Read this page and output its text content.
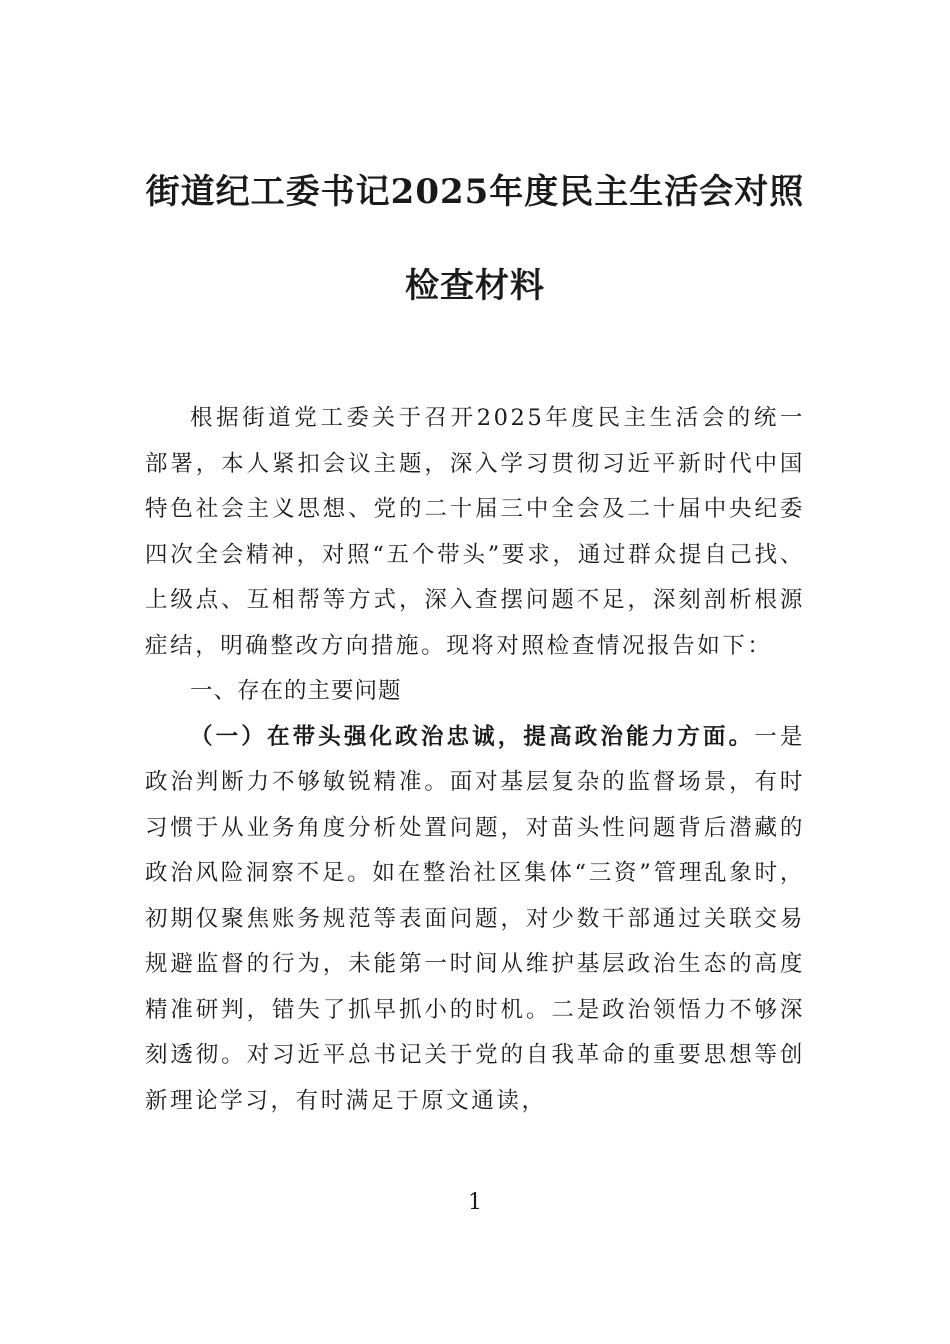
街道纪工委书记2025年度民主生活会对照
检查材料

根据街道党工委关于召开2025年度民主生活会的统一部署，本人紧扣会议主题，深入学习贯彻习近平新时代中国特色社会主义思想、党的二十届三中全会及二十届中央纪委四次全会精神，对照“五个带头”要求，通过群众提自己找、上级点、互相帮等方式，深入查摆问题不足，深刻剖析根源症结，明确整改方向措施。现将对照检查情况报告如下：

一、存在的主要问题

（一）在带头强化政治忠诚，提高政治能力方面。一是政治判断力不够敏锐精准。面对基层复杂的监督场景，有时习惯于从业务角度分析处置问题，对苗头性问题背后潜藏的政治风险洞察不足。如在整治社区集体“三资”管理乱象时，初期仅聚焦账务规范等表面问题，对少数干部通过关联交易规避监督的行为，未能第一时间从维护基层政治生态的高度精准研判，错失了抓早抓小的时机。二是政治领悟力不够深刻透彻。对习近平总书记关于党的自我革命的重要思想等创新理论学习，有时满足于原文通读，

1
